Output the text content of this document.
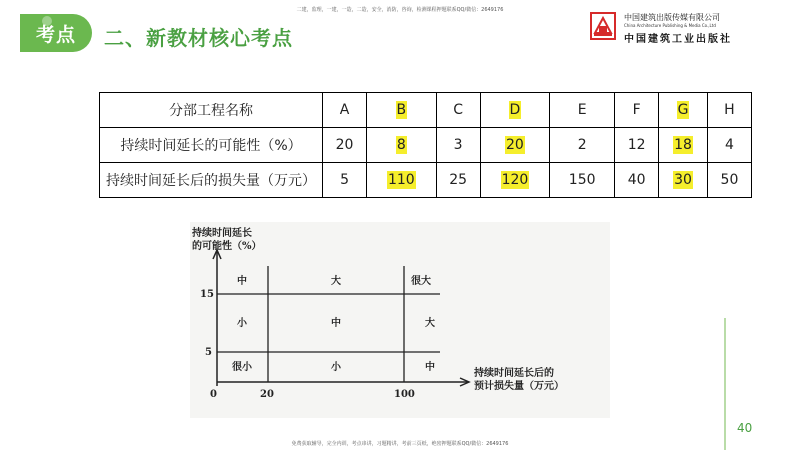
二建，监理，一建，一造，二造，安全，消防，咨询，检测课程押题联系QQ/微信：2649176
考点 二、新教材核心考点
中国建筑出版传媒有限公司
China Architecture Publishing & Media Co.,Ltd
中国建筑工业出版社
分部工程名称	A	B	C	D	E	F	G	H
持续时间延长的可能性（%）	20	8	3	20	2	12	18	4
持续时间延长后的损失量（万元）	5	110	25	120	150	40	30	50
持续时间延长
的可能性（%）
15
5
0	20	100
中	大	很大
小	中	大
很小	小	中
持续时间延长后的
预计损失量（万元）
40
免费获取辅导，完全内训，考点串讲，习题精讲，考前三页纸，绝密押题联系QQ/微信：2649176
